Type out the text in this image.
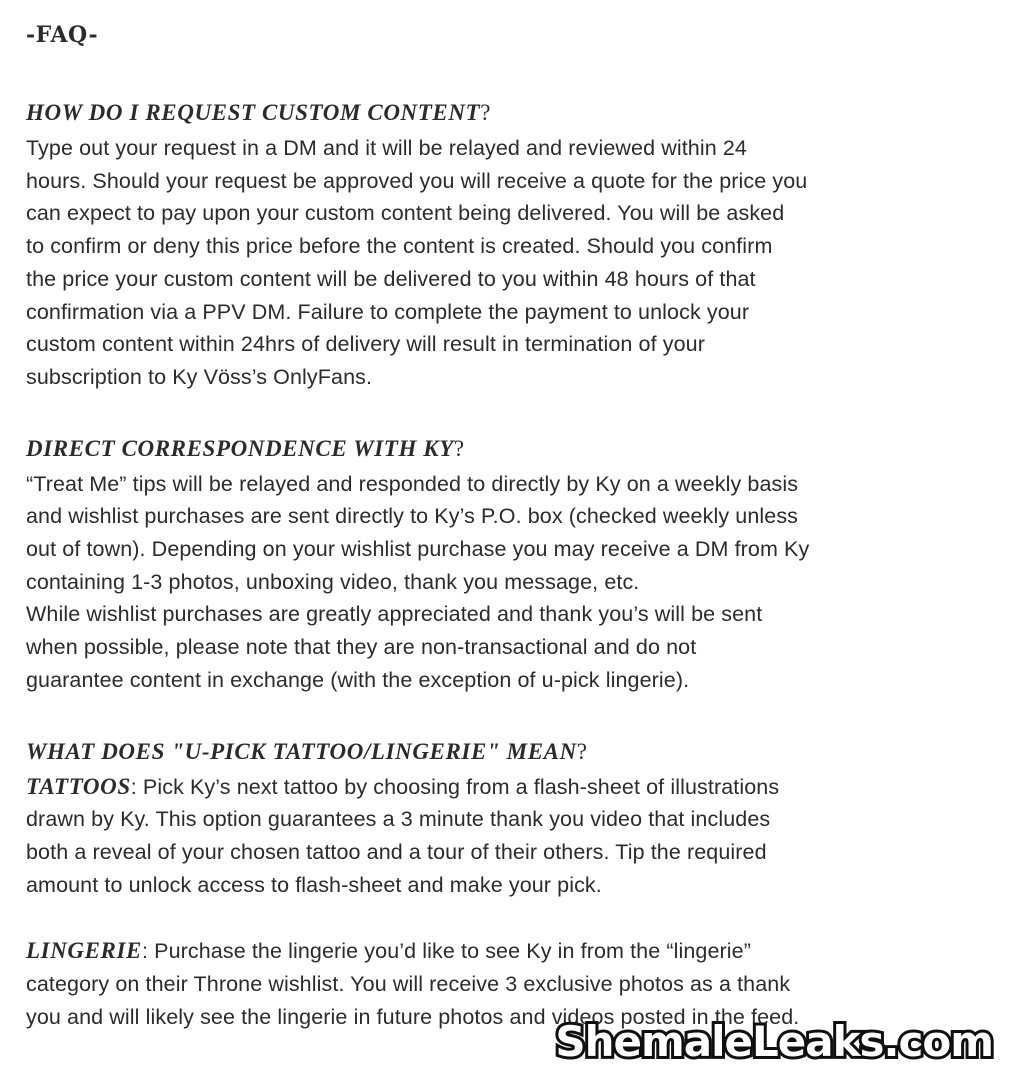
-FAQ-
HOW DO I REQUEST CUSTOM CONTENT?

Type out your request in a DM and it will be relayed and reviewed within 24
hours. Should your request be approved you will receive a quote for the price you
can expect to pay upon your custom content being delivered. You will be asked
to confirm or deny this price before the content is created. Should you confirm
the price your custom content will be delivered to you within 48 hours of that
confirmation via a PPV DM. Failure to complete the payment to unlock your
custom content within 24hrs of delivery will result in termination of your
subscription to Ky Vöss’s OnlyFans.

DIRECT CORRESPONDENCE WITH KY?

“Treat Me” tips will be relayed and responded to directly by Ky on a weekly basis
and wishlist purchases are sent directly to Ky’s P.O. box (checked weekly unless
out of town). Depending on your wishlist purchase you may receive a DM from Ky
containing 1-3 photos, unboxing video, thank you message, etc.
While wishlist purchases are greatly appreciated and thank you’s will be sent
when possible, please note that they are non-transactional and do not
guarantee content in exchange (with the exception of u-pick lingerie).

WHAT DOES "U-PICK TATTOO/LINGERIE" MEAN?

TATTOOS: Pick Ky’s next tattoo by choosing from a flash-sheet of illustrations
drawn by Ky. This option guarantees a 3 minute thank you video that includes
both a reveal of your chosen tattoo and a tour of their others. Tip the required
amount to unlock access to flash-sheet and make your pick.

LINGERIE: Purchase the lingerie you’d like to see Ky in from the “lingerie”
category on their Throne wishlist. You will receive 3 exclusive photos as a thank
you and will likely see the lingerie in future photos and videos posted in the feed.

ShemaleLeaks.com
